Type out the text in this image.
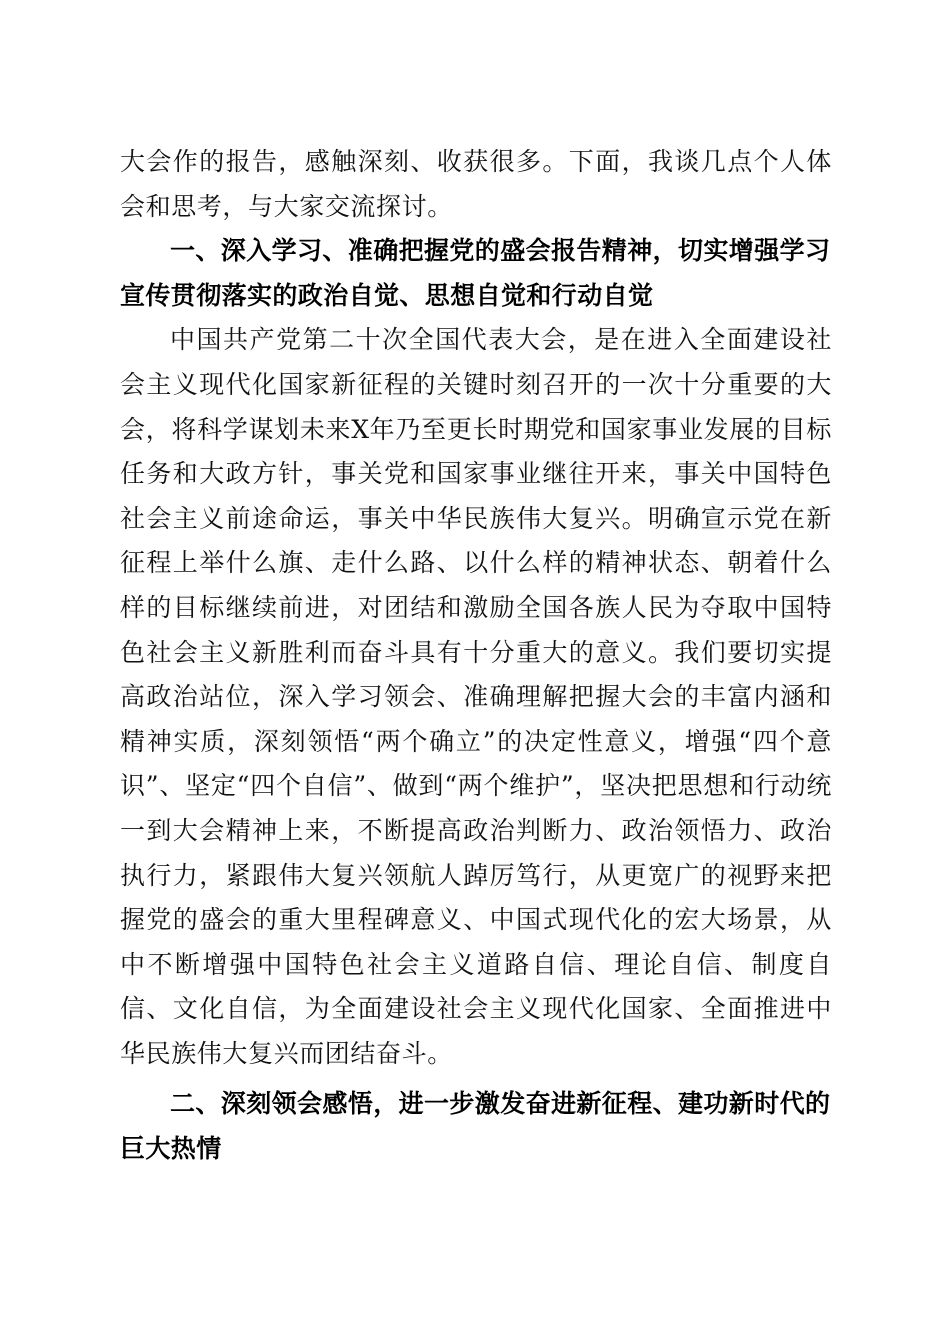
大会作的报告，感触深刻、收获很多。下面，我谈几点个人体会和思考，与大家交流探讨。

一、深入学习、准确把握党的盛会报告精神，切实增强学习宣传贯彻落实的政治自觉、思想自觉和行动自觉

中国共产党第二十次全国代表大会，是在进入全面建设社会主义现代化国家新征程的关键时刻召开的一次十分重要的大会，将科学谋划未来X年乃至更长时期党和国家事业发展的目标任务和大政方针，事关党和国家事业继往开来，事关中国特色社会主义前途命运，事关中华民族伟大复兴。明确宣示党在新征程上举什么旗、走什么路、以什么样的精神状态、朝着什么样的目标继续前进，对团结和激励全国各族人民为夺取中国特色社会主义新胜利而奋斗具有十分重大的意义。我们要切实提高政治站位，深入学习领会、准确理解把握大会的丰富内涵和精神实质，深刻领悟“两个确立”的决定性意义，增强“四个意识”、坚定“四个自信”、做到“两个维护”，坚决把思想和行动统一到大会精神上来，不断提高政治判断力、政治领悟力、政治执行力，紧跟伟大复兴领航人踔厉笃行，从更宽广的视野来把握党的盛会的重大里程碑意义、中国式现代化的宏大场景，从中不断增强中国特色社会主义道路自信、理论自信、制度自信、文化自信，为全面建设社会主义现代化国家、全面推进中华民族伟大复兴而团结奋斗。

二、深刻领会感悟，进一步激发奋进新征程、建功新时代的巨大热情
